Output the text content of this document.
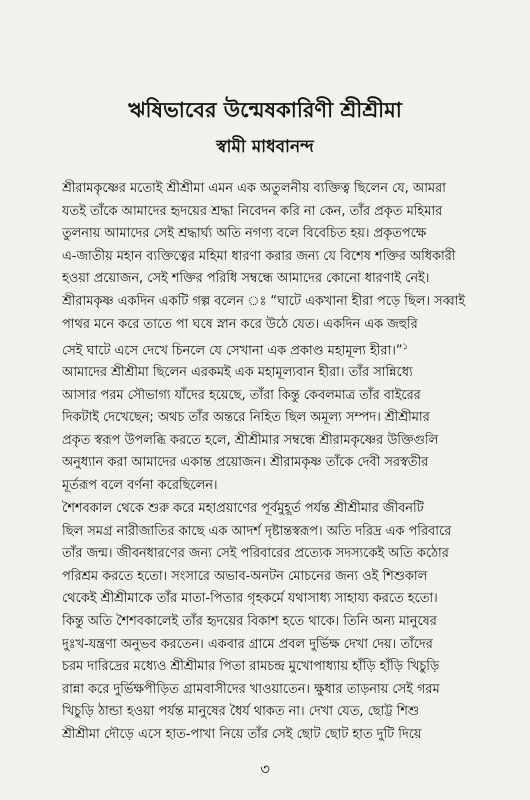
ঋষিভাবের উন্মেষকারিণী শ্রীশ্রীমা
স্বামী মাধবানন্দ

শ্রীরামকৃষ্ণের মতোই শ্রীশ্রীমা এমন এক অতুলনীয় ব্যক্তিত্ব ছিলেন যে, আমরা
যতই তাঁকে আমাদের হৃদয়ের শ্রদ্ধা নিবেদন করি না কেন, তাঁর প্রকৃত মহিমার
তুলনায় আমাদের সেই শ্রদ্ধার্ঘ্য অতি নগণ্য বলে বিবেচিত হয়। প্রকৃতপক্ষে
এ-জাতীয় মহান ব্যক্তিত্বের মহিমা ধারণা করার জন্য যে বিশেষ শক্তির অধিকারী
হওয়া প্রয়োজন, সেই শক্তির পরিধি সম্বন্ধে আমাদের কোনো ধারণাই নেই।
শ্রীরামকৃষ্ণ একদিন একটি গল্প বলেন ঃ “ঘাটে একখানা হীরা পড়ে ছিল। সব্বাই
পাথর মনে করে তাতে পা ঘষে স্নান করে উঠে যেত। একদিন এক জহুরি
সেই ঘাটে এসে দেখে চিনলে যে সেখানা এক প্রকাণ্ড মহামূল্য হীরা।”$^১$

আমাদের শ্রীশ্রীমা ছিলেন এরকমই এক মহামূল্যবান হীরা। তাঁর সান্নিধ্যে
আসার পরম সৌভাগ্য যাঁদের হয়েছে, তাঁরা কিন্তু কেবলমাত্র তাঁর বাইরের
দিকটাই দেখেছেন; অথচ তাঁর অন্তরে নিহিত ছিল অমূল্য সম্পদ। শ্রীশ্রীমার
প্রকৃত স্বরূপ উপলব্ধি করতে হলে, শ্রীশ্রীমার সম্বন্ধে শ্রীরামকৃষ্ণের উক্তিগুলি
অনুধ্যান করা আমাদের একান্ত প্রয়োজন। শ্রীরামকৃষ্ণ তাঁকে দেবী সরস্বতীর
মূর্তরূপ বলে বর্ণনা করেছিলেন।

শৈশবকাল থেকে শুরু করে মহাপ্রয়াণের পূর্বমুহূর্ত পর্যন্ত শ্রীশ্রীমার জীবনটি
ছিল সমগ্র নারীজাতির কাছে এক আদর্শ দৃষ্টান্তস্বরূপ। অতি দরিদ্র এক পরিবারে
তাঁর জন্ম। জীবনধারণের জন্য সেই পরিবারের প্রত্যেক সদস্যকেই অতি কঠোর
পরিশ্রম করতে হতো। সংসারে অভাব-অনটন মোচনের জন্য ওই শিশুকাল
থেকেই শ্রীশ্রীমাকে তাঁর মাতা-পিতার গৃহকর্মে যথাসাধ্য সাহায্য করতে হতো।
কিন্তু অতি শৈশবকালেই তাঁর হৃদয়ের বিকাশ হতে থাকে। তিনি অন্য মানুষের
দুঃখ-যন্ত্রণা অনুভব করতেন। একবার গ্রামে প্রবল দুর্ভিক্ষ দেখা দেয়। তাঁদের
চরম দারিদ্রের মধ্যেও শ্রীশ্রীমার পিতা রামচন্দ্র মুখোপাধ্যায় হাঁড়ি হাঁড়ি খিচুড়ি
রান্না করে দুর্ভিক্ষপীড়িত গ্রামবাসীদের খাওয়াতেন। ক্ষুধার তাড়নায় সেই গরম
খিচুড়ি ঠান্ডা হওয়া পর্যন্ত মানুষের ধৈর্য থাকত না। দেখা যেত, ছোট্ট শিশু
শ্রীশ্রীমা দৌড়ে এসে হাত-পাখা নিয়ে তাঁর সেই ছোট ছোট হাত দুটি দিয়ে

৩
